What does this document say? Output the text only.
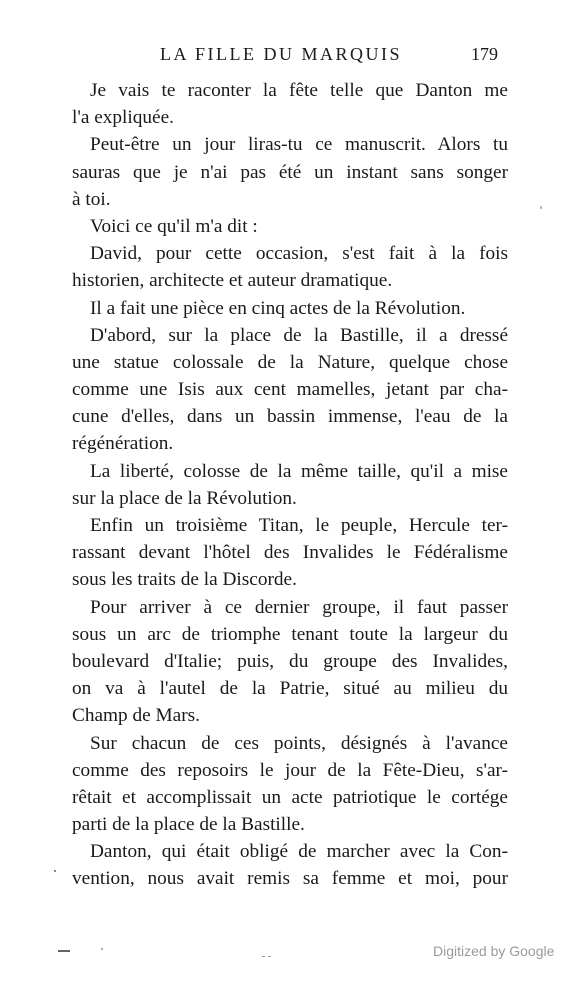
LA FILLE DU MARQUIS	179
Je vais te raconter la fête telle que Danton me
l'a expliquée.
Peut-être un jour liras-tu ce manuscrit. Alors tu
sauras que je n'ai pas été un instant sans songer
à toi.
Voici ce qu'il m'a dit :
David, pour cette occasion, s'est fait à la fois
historien, architecte et auteur dramatique.
Il a fait une pièce en cinq actes de la Révolution.
D'abord, sur la place de la Bastille, il a dressé
une statue colossale de la Nature, quelque chose
comme une Isis aux cent mamelles, jetant par cha-
cune d'elles, dans un bassin immense, l'eau de la
régénération.
La liberté, colosse de la même taille, qu'il a mise
sur la place de la Révolution.
Enfin un troisième Titan, le peuple, Hercule ter-
rassant devant l'hôtel des Invalides le Fédéralisme
sous les traits de la Discorde.
Pour arriver à ce dernier groupe, il faut passer
sous un arc de triomphe tenant toute la largeur du
boulevard d'Italie; puis, du groupe des Invalides,
on va à l'autel de la Patrie, situé au milieu du
Champ de Mars.
Sur chacun de ces points, désignés à l'avance
comme des reposoirs le jour de la Fête-Dieu, s'ar-
rêtait et accomplissait un acte patriotique le cortége
parti de la place de la Bastille.
Danton, qui était obligé de marcher avec la Con-
vention, nous avait remis sa femme et moi, pour
Digitized by Google
